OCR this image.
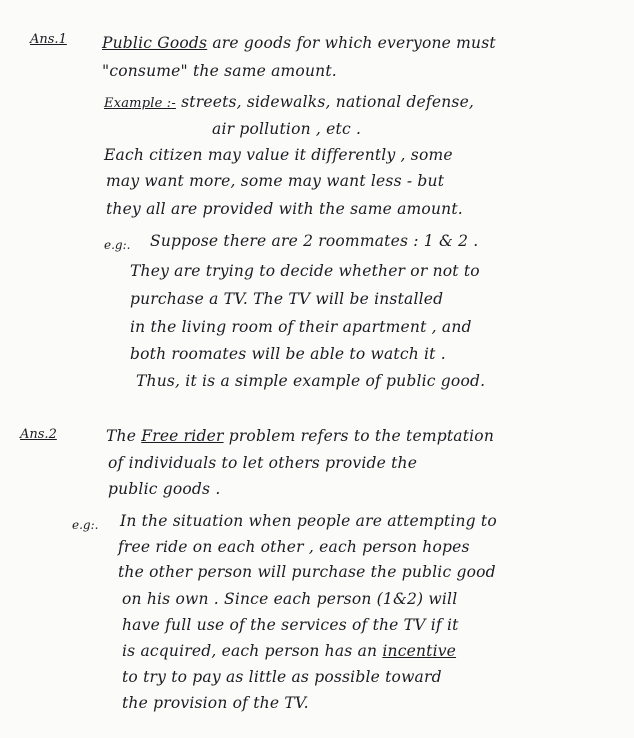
Ans.1 Public Goods are goods for which everyone must
"consume" the same amount.
Example :- streets, sidewalks, national defense,
air pollution , etc .
Each citizen may value it differently , some
may want more, some may want less - but
they all are provided with the same amount.
e.g:. Suppose there are 2 roommates : 1 & 2 .
They are trying to decide whether or not to
purchase a TV. The TV will be installed
in the living room of their apartment , and
both roomates will be able to watch it .
Thus, it is a simple example of public good.
Ans.2	The Free rider problem refers to the temptation
of individuals to let others provide the
public goods .
e.g:. In the situation when people are attempting to
free ride on each other , each person hopes
the other person will purchase the public good
on his own . Since each person (1&2) will
have full use of the services of the TV if it
is acquired, each person has an incentive
to try to pay as little as possible toward
the provision of the TV.
